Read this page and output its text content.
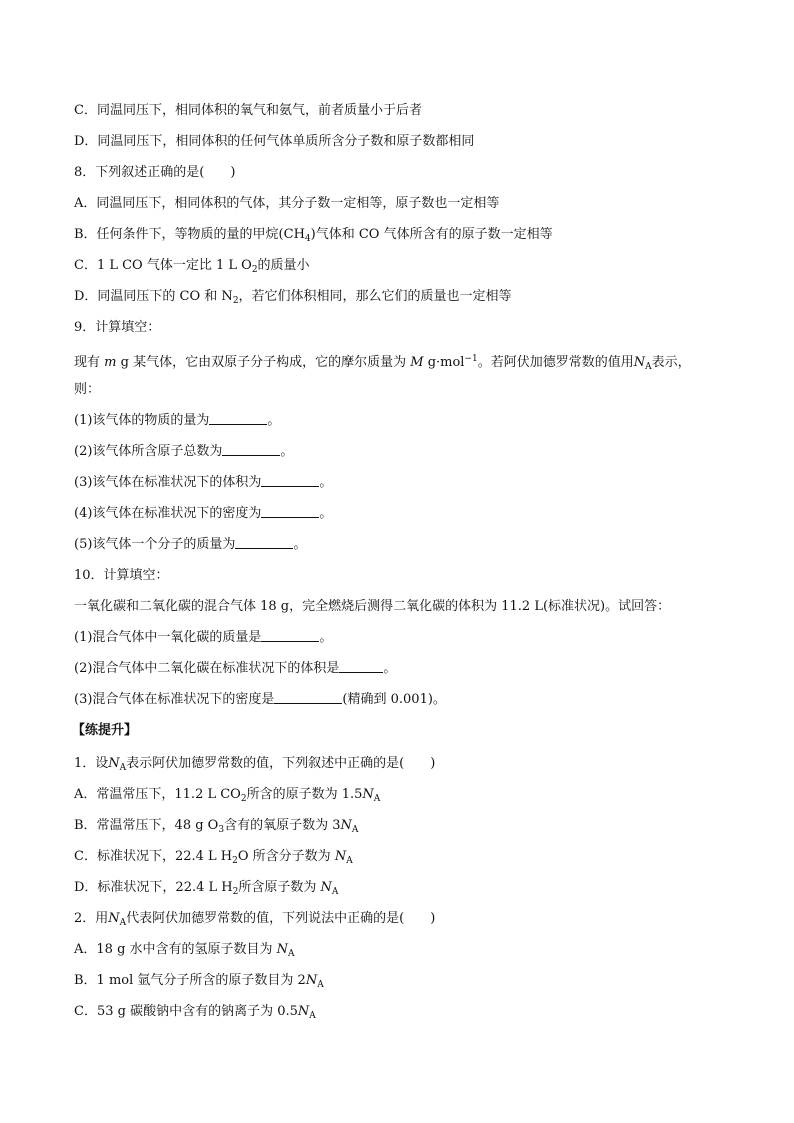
C．同温同压下，相同体积的氧气和氨气，前者质量小于后者
D．同温同压下，相同体积的任何气体单质所含分子数和原子数都相同
8．下列叙述正确的是(　　)
A．同温同压下，相同体积的气体，其分子数一定相等，原子数也一定相等
B．任何条件下，等物质的量的甲烷$(CH_4)$气体和 CO 气体所含有的原子数一定相等
C．1 L CO 气体一定比 1 L $O_2$的质量小
D．同温同压下的 CO 和 $N_2$，若它们体积相同，那么它们的质量也一定相等
9．计算填空：
现有 m g 某气体，它由双原子分子构成，它的摩尔质量为 M g·mol$^{-1}$。若阿伏加德罗常数的值用$N_A$表示，
则：
(1)该气体的物质的量为	。
(2)该气体所含原子总数为	。
(3)该气体在标准状况下的体积为	。
(4)该气体在标准状况下的密度为	。
(5)该气体一个分子的质量为	。
10．计算填空：
一氧化碳和二氧化碳的混合气体 18 g，完全燃烧后测得二氧化碳的体积为 11.2 L(标准状况)。试回答：
(1)混合气体中一氧化碳的质量是	。
(2)混合气体中二氧化碳在标准状况下的体积是	。
(3)混合气体在标准状况下的密度是	(精确到 0.001)。
【练提升】
1．设$N_A$表示阿伏加德罗常数的值，下列叙述中正确的是(　　)
A．常温常压下，11.2 L $CO_2$所含的原子数为 $1.5N_A$
B．常温常压下，48 g $O_3$含有的氧原子数为 $3N_A$
C．标准状况下，22.4 L $H_2O$ 所含分子数为 $N_A$
D．标准状况下，22.4 L $H_2$所含原子数为 $N_A$
2．用$N_A$代表阿伏加德罗常数的值，下列说法中正确的是(　　)
A．18 g 水中含有的氢原子数目为 $N_A$
B．1 mol 氩气分子所含的原子数目为 $2N_A$
C．53 g 碳酸钠中含有的钠离子为 $0.5N_A$
